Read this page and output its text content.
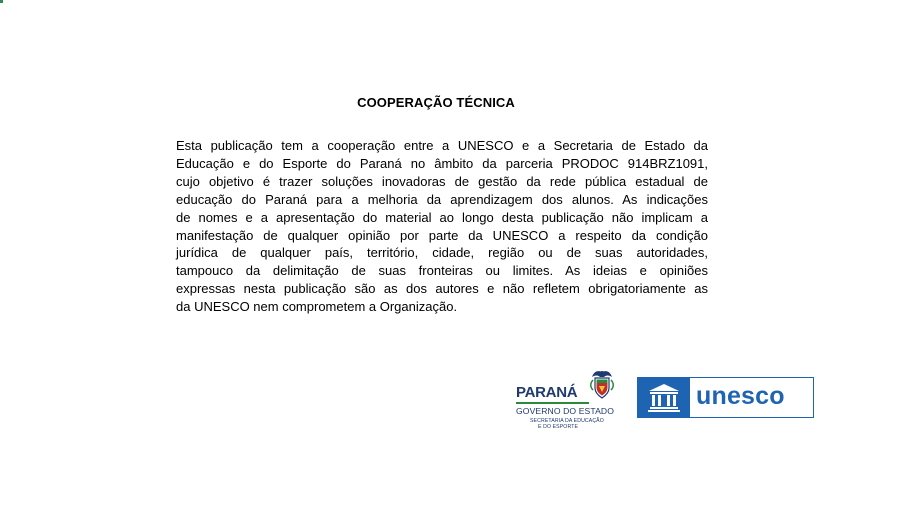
COOPERAÇÃO TÉCNICA
Esta publicação tem a cooperação entre a UNESCO e a Secretaria de Estado da
Educação e do Esporte do Paraná no âmbito da parceria PRODOC 914BRZ1091,
cujo objetivo é trazer soluções inovadoras de gestão da rede pública estadual de
educação do Paraná para a melhoria da aprendizagem dos alunos. As indicações
de nomes e a apresentação do material ao longo desta publicação não implicam a
manifestação de qualquer opinião por parte da UNESCO a respeito da condição
jurídica de qualquer país, território, cidade, região ou de suas autoridades,
tampouco da delimitação de suas fronteiras ou limites. As ideias e opiniões
expressas nesta publicação são as dos autores e não refletem obrigatoriamente as
da UNESCO nem comprometem a Organização.
PARANÁ
GOVERNO DO ESTADO
SECRETARIA DA EDUCAÇÃO
E DO ESPORTE
unesco
